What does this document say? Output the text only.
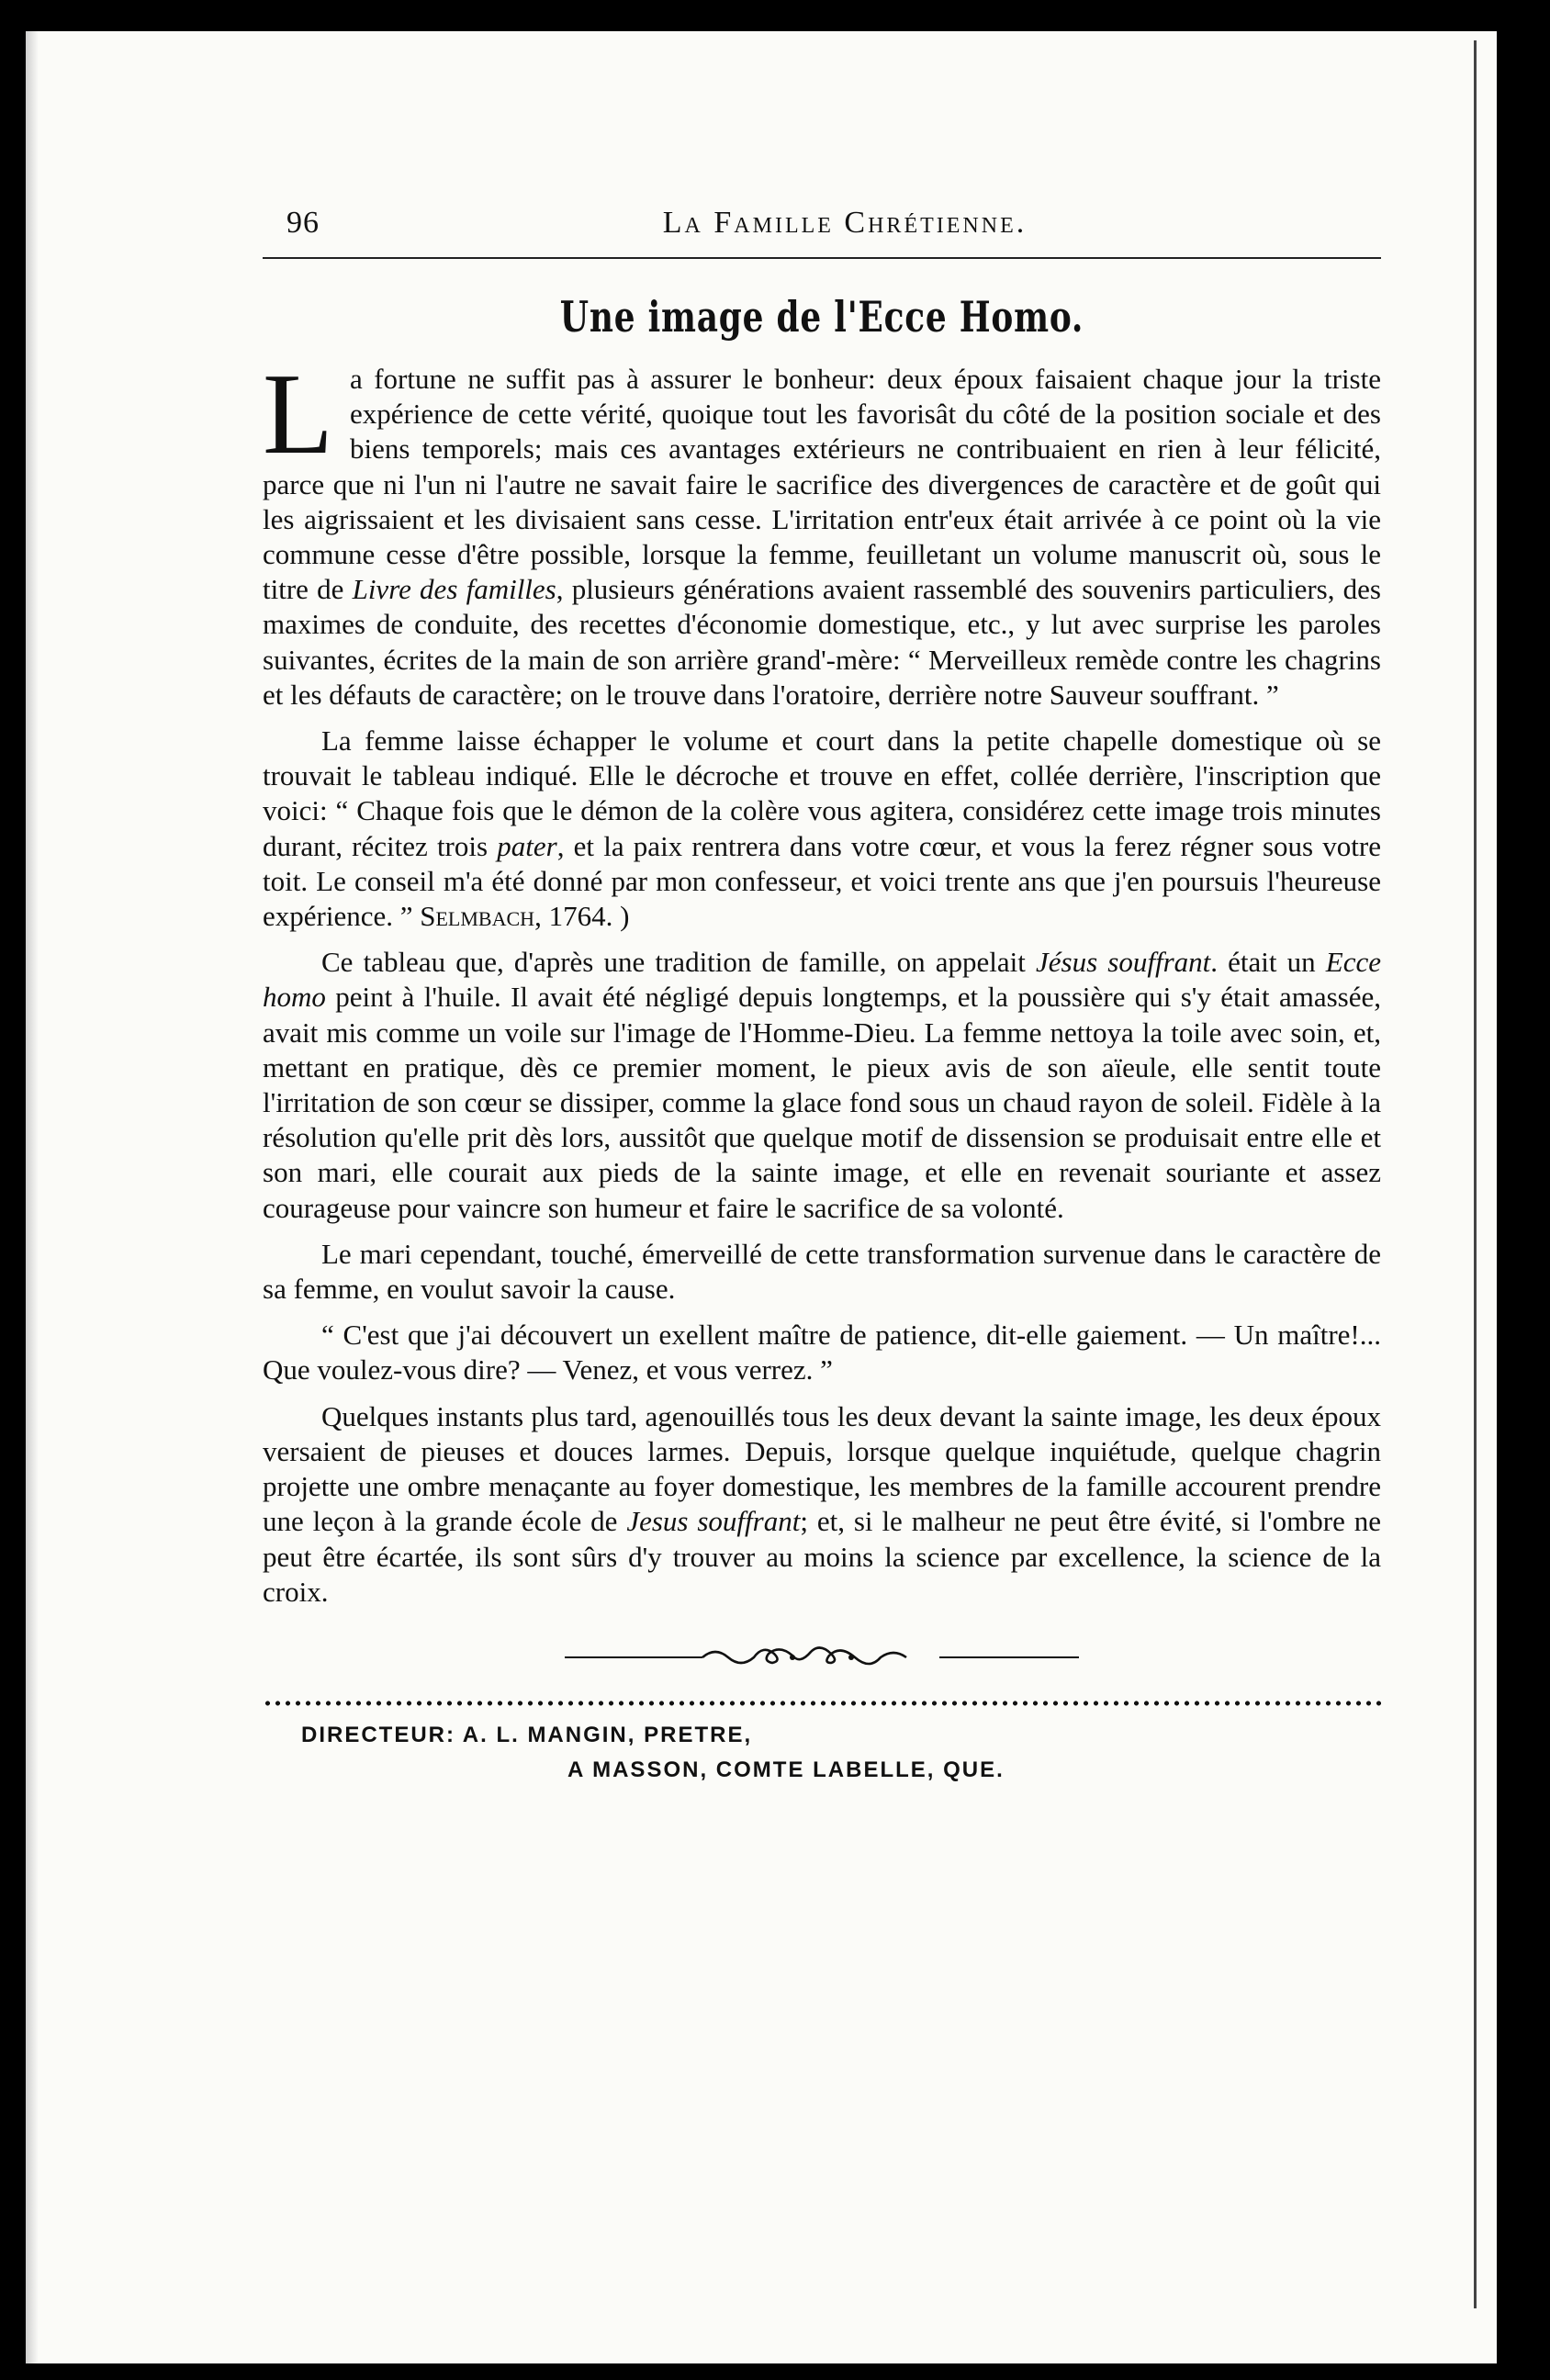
96	La Famille Chrétienne.
Une image de l'Ecce Homo.

La fortune ne suffit pas à assurer le bonheur: deux époux faisaient chaque jour la triste expérience de cette vérité, quoique tout les favorisât du côté de la position sociale et des biens temporels; mais ces avantages extérieurs ne contribuaient en rien à leur félicité, parce que ni l'un ni l'autre ne savait faire le sacrifice des divergences de caractère et de goût qui les aigrissaient et les divisaient sans cesse. L'irritation entr'eux était arrivée à ce point où la vie commune cesse d'être possible, lorsque la femme, feuilletant un volume manuscrit où, sous le titre de Livre des familles, plusieurs générations avaient rassemblé des souvenirs particuliers, des maximes de conduite, des recettes d'économie domestique, etc., y lut avec surprise les paroles suivantes, écrites de la main de son arrière grand'-mère: “ Merveilleux remède contre les chagrins et les défauts de caractère; on le trouve dans l'oratoire, derrière notre Sauveur souffrant. ”

La femme laisse échapper le volume et court dans la petite chapelle domestique où se trouvait le tableau indiqué. Elle le décroche et trouve en effet, collée derrière, l'inscription que voici: “ Chaque fois que le démon de la colère vous agitera, considérez cette image trois minutes durant, récitez trois pater, et la paix rentrera dans votre cœur, et vous la ferez régner sous votre toit. Le conseil m'a été donné par mon confesseur, et voici trente ans que j'en poursuis l'heureuse expérience. ” Selmbach, 1764. )

Ce tableau que, d'après une tradition de famille, on appelait Jésus souffrant. était un Ecce homo peint à l'huile. Il avait été négligé depuis longtemps, et la poussière qui s'y était amassée, avait mis comme un voile sur l'image de l'Homme-Dieu. La femme nettoya la toile avec soin, et, mettant en pratique, dès ce premier moment, le pieux avis de son aïeule, elle sentit toute l'irritation de son cœur se dissiper, comme la glace fond sous un chaud rayon de soleil. Fidèle à la résolution qu'elle prit dès lors, aussitôt que quelque motif de dissension se produisait entre elle et son mari, elle courait aux pieds de la sainte image, et elle en revenait souriante et assez courageuse pour vaincre son humeur et faire le sacrifice de sa volonté.

Le mari cependant, touché, émerveillé de cette transformation survenue dans le caractère de sa femme, en voulut savoir la cause.

“ C'est que j'ai découvert un exellent maître de patience, dit-elle gaiement. — Un maître!... Que voulez-vous dire? — Venez, et vous verrez. ”

Quelques instants plus tard, agenouillés tous les deux devant la sainte image, les deux époux versaient de pieuses et douces larmes. Depuis, lorsque quelque inquiétude, quelque chagrin projette une ombre menaçante au foyer domestique, les membres de la famille accourent prendre une leçon à la grande école de Jesus souffrant; et, si le malheur ne peut être évité, si l'ombre ne peut être écartée, ils sont sûrs d'y trouver au moins la science par excellence, la science de la croix.

DIRECTEUR: A. L. MANGIN, PRETRE,
A MASSON, COMTE LABELLE, QUE.
